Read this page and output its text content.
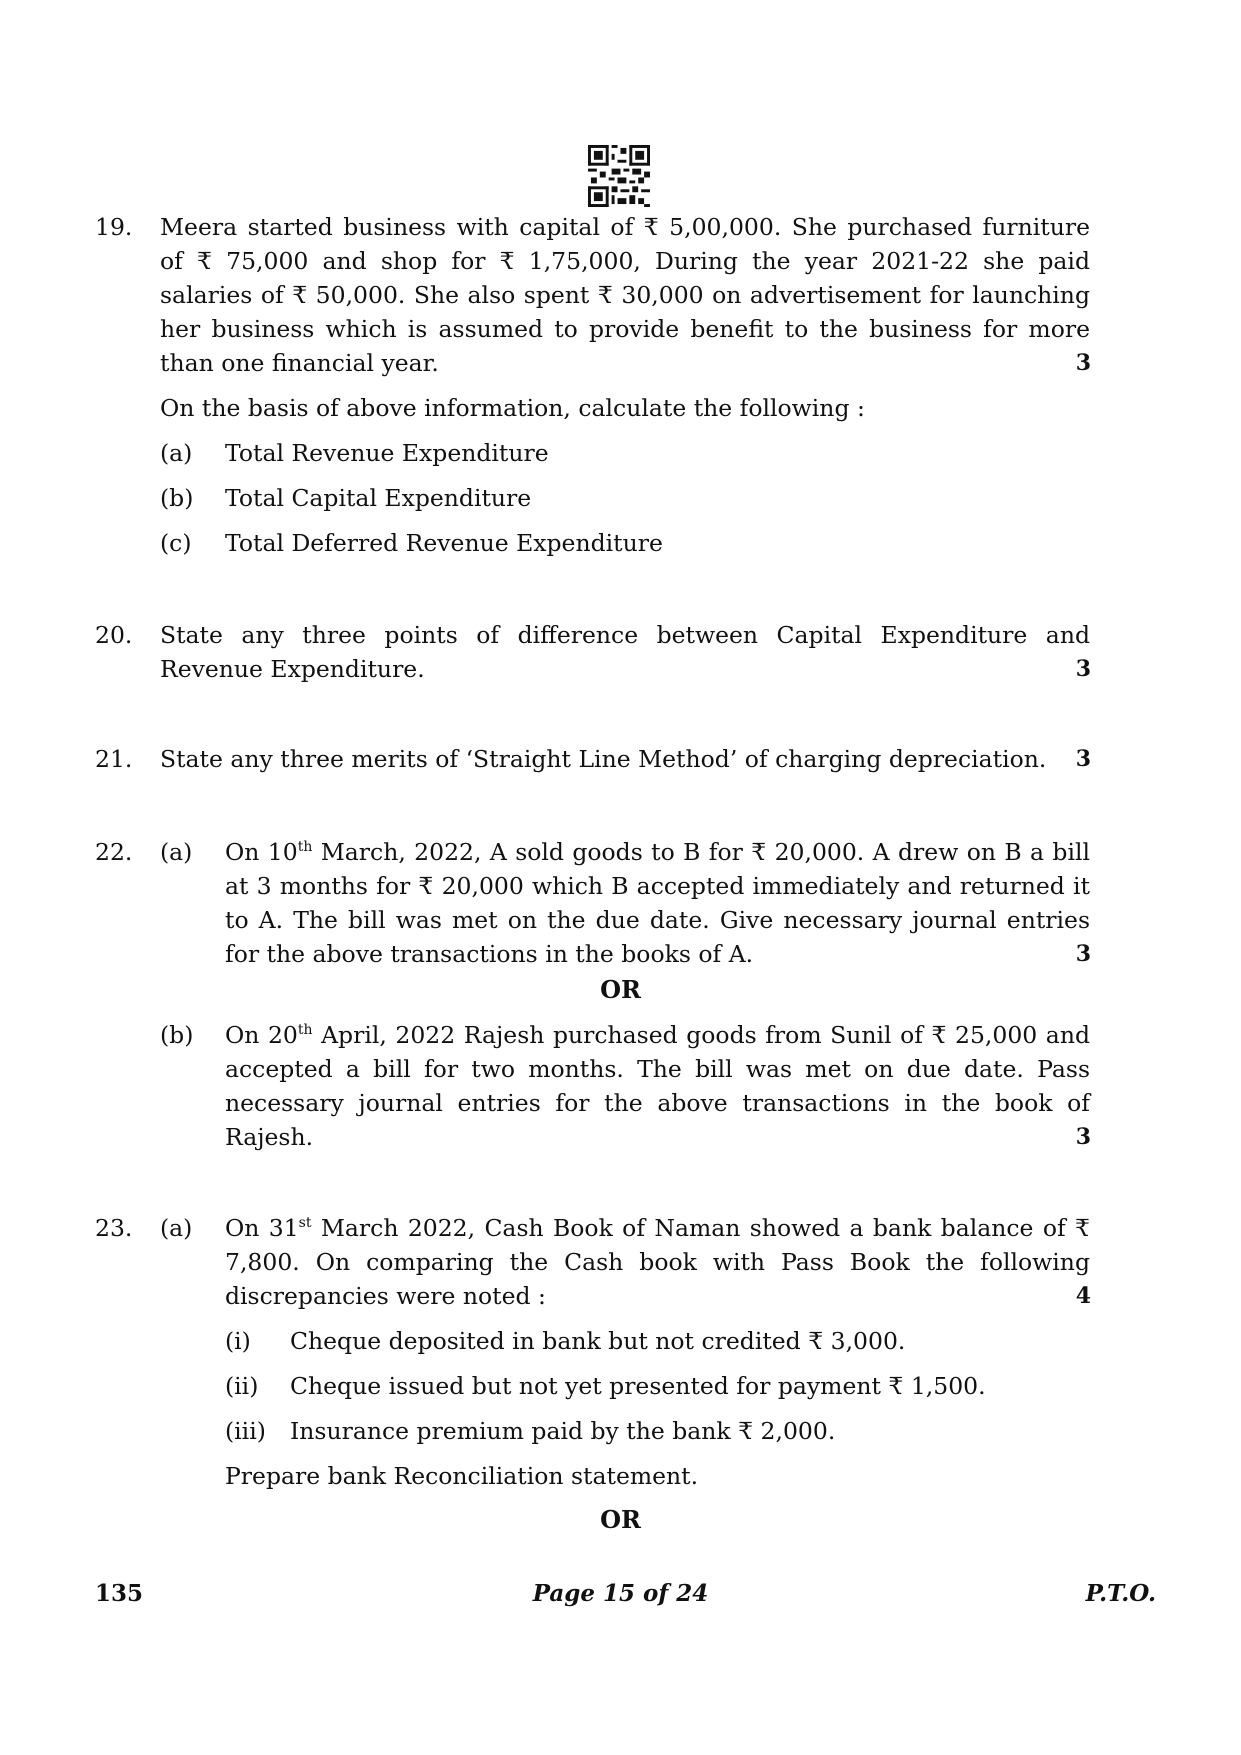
19.	Meera started business with capital of ₹ 5,00,000. She purchased furniture of ₹ 75,000 and shop for ₹ 1,75,000, During the year 2021-22 she paid salaries of ₹ 50,000. She also spent ₹ 30,000 on advertisement for launching her business which is assumed to provide benefit to the business for more than one financial year.	3

On the basis of above information, calculate the following :

(a) Total Revenue Expenditure
(b) Total Capital Expenditure
(c) Total Deferred Revenue Expenditure
20.	State any three points of difference between Capital Expenditure and Revenue Expenditure.	3
21.	State any three merits of ‘Straight Line Method’ of charging depreciation.	3
22.	(a)	On 10th March, 2022, A sold goods to B for ₹ 20,000. A drew on B a bill at 3 months for ₹ 20,000 which B accepted immediately and returned it to A. The bill was met on the due date. Give necessary journal entries for the above transactions in the books of A.	3
OR
(b)	On 20th April, 2022 Rajesh purchased goods from Sunil of ₹ 25,000 and accepted a bill for two months. The bill was met on due date. Pass necessary journal entries for the above transactions in the book of Rajesh.	3
23.	(a)	On 31st March 2022, Cash Book of Naman showed a bank balance of ₹ 7,800. On comparing the Cash book with Pass Book the following discrepancies were noted :	4
(i) Cheque deposited in bank but not credited ₹ 3,000.
(ii) Cheque issued but not yet presented for payment ₹ 1,500.
(iii) Insurance premium paid by the bank ₹ 2,000.

Prepare bank Reconciliation statement.

OR
135	Page 15 of 24	P.T.O.
